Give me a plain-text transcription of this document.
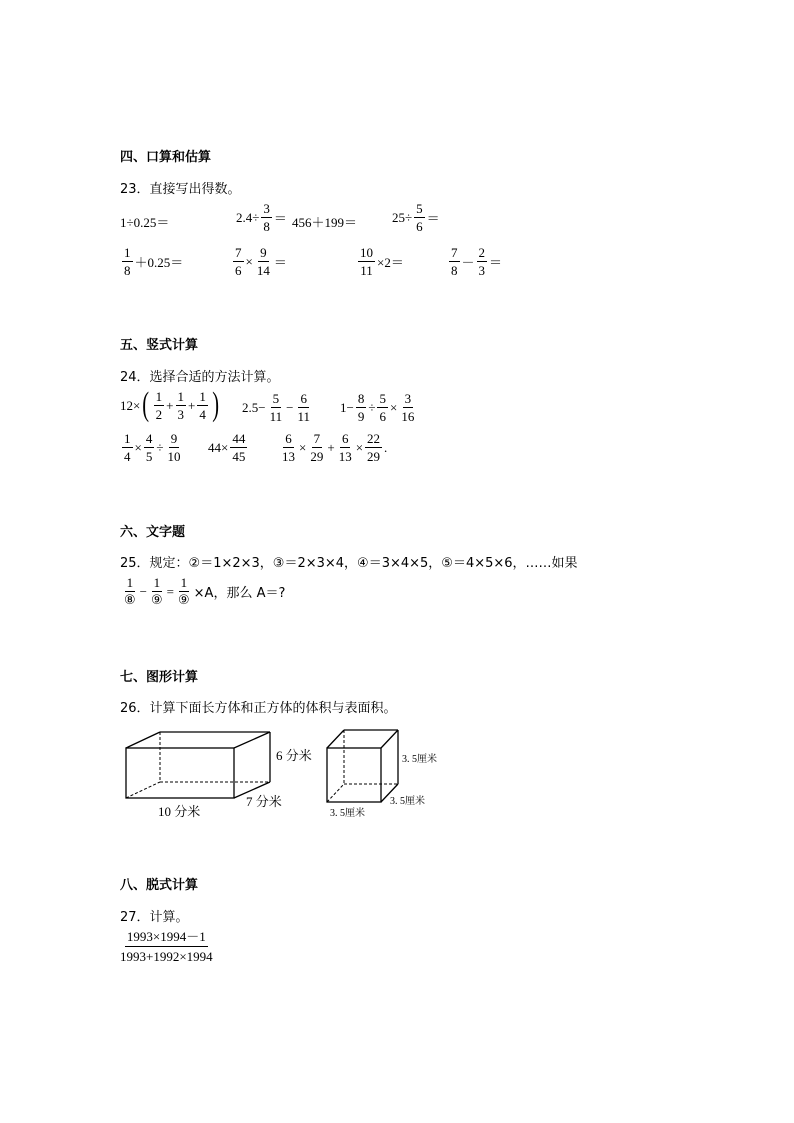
四、口算和估算
23．直接写出得数。
1÷0.25＝	$2.4\div \frac{3}{8} = 456+199=$	$25\div \frac{5}{6}$ ＝
1
8
＋0.25＝	$\frac{7}{6} \times \frac{9}{14}$ ＝	$\frac{10}{11} \times 2=$
7
8
－
2
3
＝
五、竖式计算
24．选择合适的方法计算。
12× ( 1
2
+ $\frac{1}{3} + \frac{1}{4}$ ) $2.5- \frac{5}{11} - \frac{6}{11} 1- \frac{8}{9} \div \frac{5}{6} \times \frac{3}{16}$
$\frac{1}{4} \times \frac{4}{5} \div \frac{9}{10} 44\times \frac{44}{45}$	$\frac{6}{13} \times \frac{7}{29} + \frac{6}{13} \times \frac{22}{29}$ .
六、文字题
25．规定：②＝1×2×3，③＝2×3×4，④＝3×4×5，⑤＝4×5×6，……如果
1
⑧
−
1
⑨
=
1
⑨ ×A，那么 A＝?
七、图形计算
26．计算下面长方体和正方体的体积与表面积。
6 分米
10 分米
7 分米
3. 5厘米
3. 5厘米
3. 5厘米
八、脱式计算
27．计算。
1993×1994－1
1993+1992×1994
